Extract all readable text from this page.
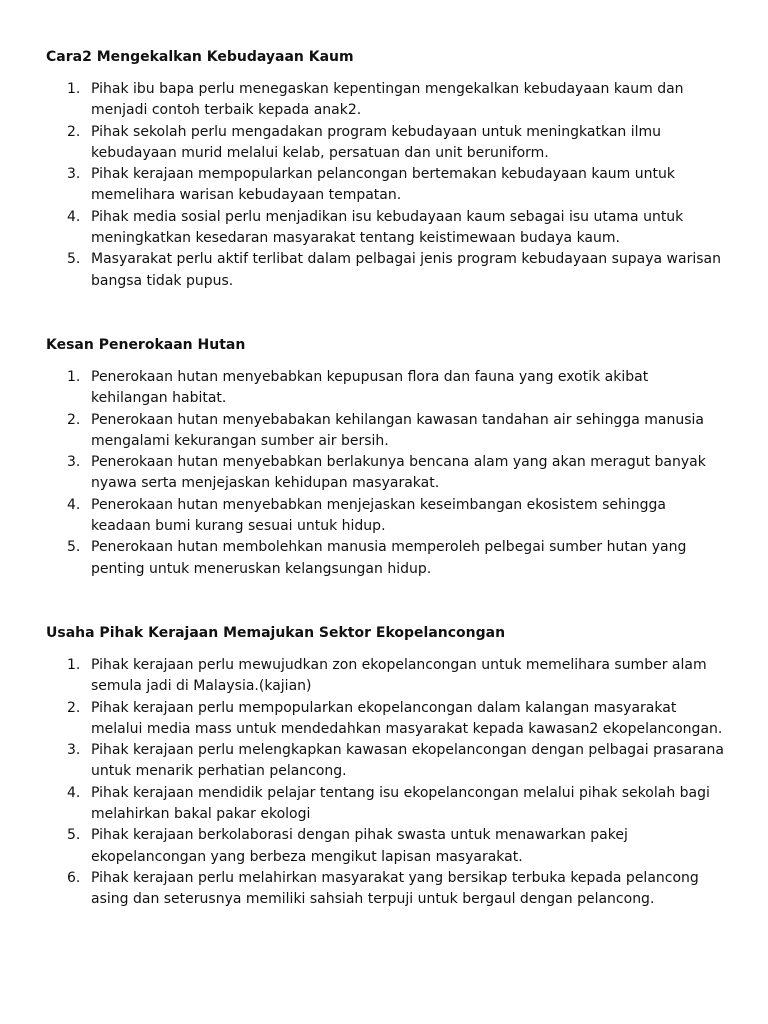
Cara2 Mengekalkan Kebudayaan Kaum
1. Pihak ibu bapa perlu menegaskan kepentingan mengekalkan kebudayaan kaum dan menjadi contoh terbaik kepada anak2.
2. Pihak sekolah perlu mengadakan program kebudayaan untuk meningkatkan ilmu kebudayaan murid melalui kelab, persatuan dan unit beruniform.
3. Pihak kerajaan mempopularkan pelancongan bertemakan kebudayaan kaum untuk memelihara warisan kebudayaan tempatan.
4. Pihak media sosial perlu menjadikan isu kebudayaan kaum sebagai isu utama untuk meningkatkan kesedaran masyarakat tentang keistimewaan budaya kaum.
5. Masyarakat perlu aktif terlibat dalam pelbagai jenis program kebudayaan supaya warisan bangsa tidak pupus.
Kesan Penerokaan Hutan
1. Penerokaan hutan menyebabkan kepupusan flora dan fauna yang exotik akibat kehilangan habitat.
2. Penerokaan hutan menyebabakan kehilangan kawasan tandahan air sehingga manusia mengalami kekurangan sumber air bersih.
3. Penerokaan hutan menyebabkan berlakunya bencana alam yang akan meragut banyak nyawa serta menjejaskan kehidupan masyarakat.
4. Penerokaan hutan menyebabkan menjejaskan keseimbangan ekosistem sehingga keadaan bumi kurang sesuai untuk hidup.
5. Penerokaan hutan membolehkan manusia memperoleh pelbegai sumber hutan yang penting untuk meneruskan kelangsungan hidup.
Usaha Pihak Kerajaan Memajukan Sektor Ekopelancongan
1. Pihak kerajaan perlu mewujudkan zon ekopelancongan untuk memelihara sumber alam semula jadi di Malaysia.(kajian)
2. Pihak kerajaan perlu mempopularkan ekopelancongan dalam kalangan masyarakat melalui media mass untuk mendedahkan masyarakat kepada kawasan2 ekopelancongan.
3. Pihak kerajaan perlu melengkapkan kawasan ekopelancongan dengan pelbagai prasarana untuk menarik perhatian pelancong.
4. Pihak kerajaan mendidik pelajar tentang isu ekopelancongan melalui pihak sekolah bagi melahirkan bakal pakar ekologi
5. Pihak kerajaan berkolaborasi dengan pihak swasta untuk menawarkan pakej ekopelancongan yang berbeza mengikut lapisan masyarakat.
6. Pihak kerajaan perlu melahirkan masyarakat yang bersikap terbuka kepada pelancong asing dan seterusnya memiliki sahsiah terpuji untuk bergaul dengan pelancong.
